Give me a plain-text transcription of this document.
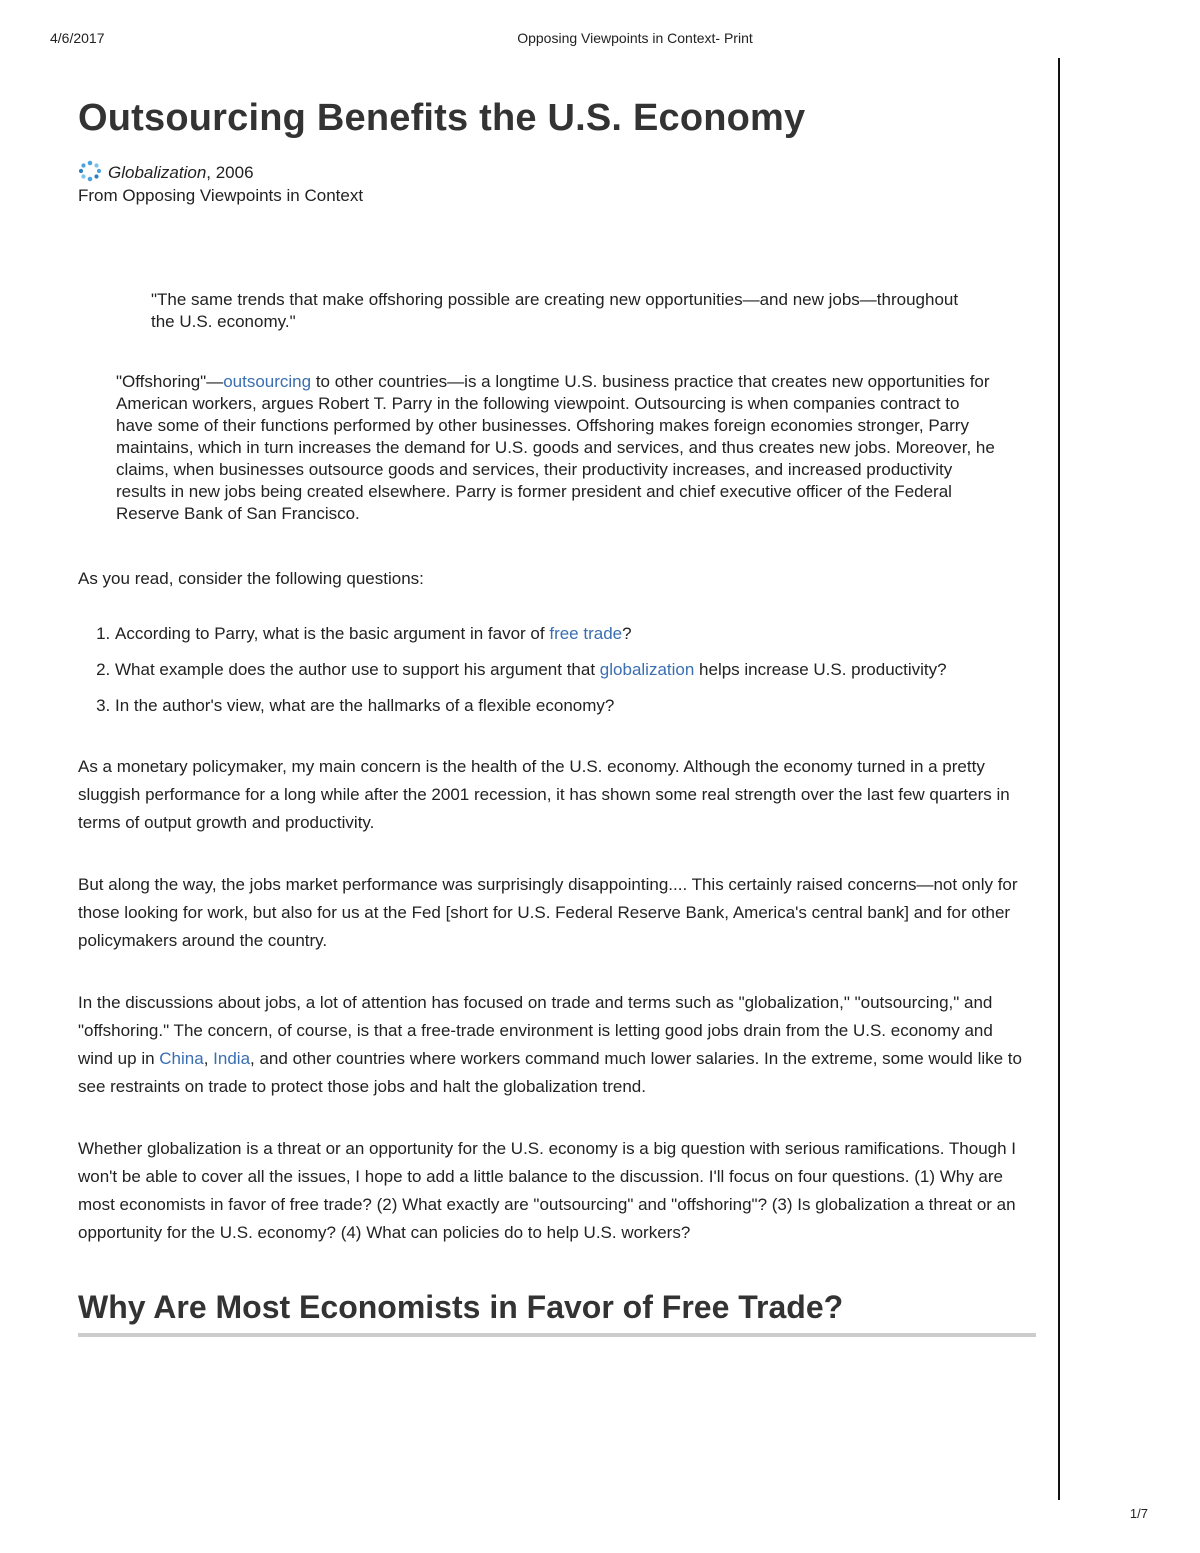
4/6/2017	Opposing Viewpoints in Context- Print
Outsourcing Benefits the U.S. Economy
Globalization, 2006
From Opposing Viewpoints in Context
"The same trends that make offshoring possible are creating new opportunities—and new jobs—throughout the U.S. economy."
"Offshoring"—outsourcing to other countries—is a longtime U.S. business practice that creates new opportunities for American workers, argues Robert T. Parry in the following viewpoint. Outsourcing is when companies contract to have some of their functions performed by other businesses. Offshoring makes foreign economies stronger, Parry maintains, which in turn increases the demand for U.S. goods and services, and thus creates new jobs. Moreover, he claims, when businesses outsource goods and services, their productivity increases, and increased productivity results in new jobs being created elsewhere. Parry is former president and chief executive officer of the Federal Reserve Bank of San Francisco.
As you read, consider the following questions:
1. According to Parry, what is the basic argument in favor of free trade?
2. What example does the author use to support his argument that globalization helps increase U.S. productivity?
3. In the author's view, what are the hallmarks of a flexible economy?

As a monetary policymaker, my main concern is the health of the U.S. economy. Although the economy turned in a pretty sluggish performance for a long while after the 2001 recession, it has shown some real strength over the last few quarters in terms of output growth and productivity.

But along the way, the jobs market performance was surprisingly disappointing.... This certainly raised concerns—not only for those looking for work, but also for us at the Fed [short for U.S. Federal Reserve Bank, America's central bank] and for other policymakers around the country.

In the discussions about jobs, a lot of attention has focused on trade and terms such as "globalization," "outsourcing," and "offshoring." The concern, of course, is that a free-trade environment is letting good jobs drain from the U.S. economy and wind up in China, India, and other countries where workers command much lower salaries. In the extreme, some would like to see restraints on trade to protect those jobs and halt the globalization trend.

Whether globalization is a threat or an opportunity for the U.S. economy is a big question with serious ramifications. Though I won't be able to cover all the issues, I hope to add a little balance to the discussion. I'll focus on four questions. (1) Why are most economists in favor of free trade? (2) What exactly are "outsourcing" and "offshoring"? (3) Is globalization a threat or an opportunity for the U.S. economy? (4) What can policies do to help U.S. workers?

Why Are Most Economists in Favor of Free Trade?
1/7
